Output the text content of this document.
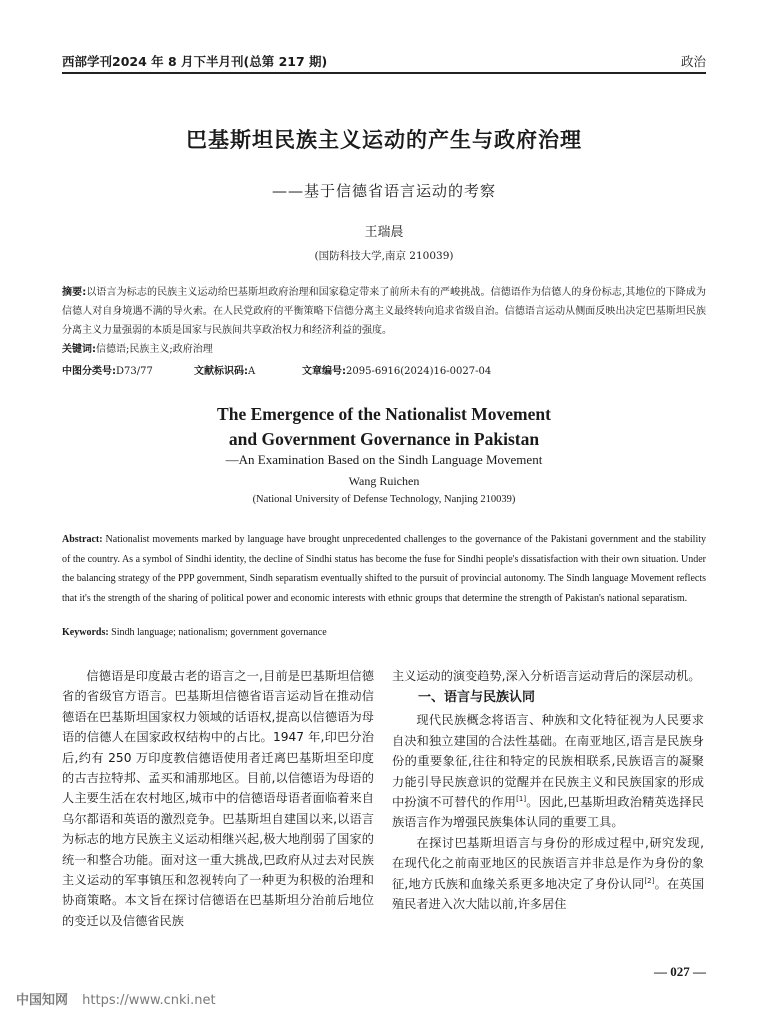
西部学刊2024 年 8 月下半月刊(总第 217 期)	政治
巴基斯坦民族主义运动的产生与政府治理
——基于信德省语言运动的考察
王瑞晨
(国防科技大学,南京 210039)
摘要:以语言为标志的民族主义运动给巴基斯坦政府治理和国家稳定带来了前所未有的严峻挑战。信德语作为信德人的身份标志,其地位的下降成为信德人对自身境遇不满的导火索。在人民党政府的平衡策略下信德分离主义最终转向追求省级自治。信德语言运动从侧面反映出决定巴基斯坦民族分离主义力量强弱的本质是国家与民族间共享政治权力和经济利益的强度。
关键词:信德语;民族主义;政府治理
中图分类号:D73/77	文献标识码:A	文章编号:2095-6916(2024)16-0027-04
The Emergence of the Nationalist Movement
and Government Governance in Pakistan
—An Examination Based on the Sindh Language Movement
Wang Ruichen
(National University of Defense Technology, Nanjing 210039)
Abstract: Nationalist movements marked by language have brought unprecedented challenges to the governance of the Pakistani government and the stability of the country. As a symbol of Sindhi identity, the decline of Sindhi status has become the fuse for Sindhi people's dissatisfaction with their own situation. Under the balancing strategy of the PPP government, Sindh separatism eventually shifted to the pursuit of provincial autonomy. The Sindh language Movement reflects that it's the strength of the sharing of political power and economic interests with ethnic groups that determine the strength of Pakistan's national separatism.
Keywords: Sindh language; nationalism; government governance

信德语是印度最古老的语言之一,目前是巴基斯坦信德省的省级官方语言。巴基斯坦信德省语言运动旨在推动信德语在巴基斯坦国家权力领域的话语权,提高以信德语为母语的信德人在国家政权结构中的占比。1947 年,印巴分治后,约有 250 万印度教信德语使用者迁离巴基斯坦至印度的古吉拉特邦、孟买和浦那地区。目前,以信德语为母语的人主要生活在农村地区,城市中的信德语母语者面临着来自乌尔都语和英语的激烈竞争。巴基斯坦自建国以来,以语言为标志的地方民族主义运动相继兴起,极大地削弱了国家的统一和整合功能。面对这一重大挑战,巴政府从过去对民族主义运动的军事镇压和忽视转向了一种更为积极的治理和协商策略。本文旨在探讨信德语在巴基斯坦分治前后地位的变迁以及信德省民族

主义运动的演变趋势,深入分析语言运动背后的深层动机。

一、语言与民族认同

现代民族概念将语言、种族和文化特征视为人民要求自决和独立建国的合法性基础。在南亚地区,语言是民族身份的重要象征,往往和特定的民族相联系,民族语言的凝聚力能引导民族意识的觉醒并在民族主义和民族国家的形成中扮演不可替代的作用[1]。因此,巴基斯坦政治精英选择民族语言作为增强民族集体认同的重要工具。

在探讨巴基斯坦语言与身份的形成过程中,研究发现,在现代化之前南亚地区的民族语言并非总是作为身份的象征,地方氏族和血缘关系更多地决定了身份认同[2]。在英国殖民者进入次大陆以前,许多居住

— 027 —
中国知网 https://www.cnki.net
